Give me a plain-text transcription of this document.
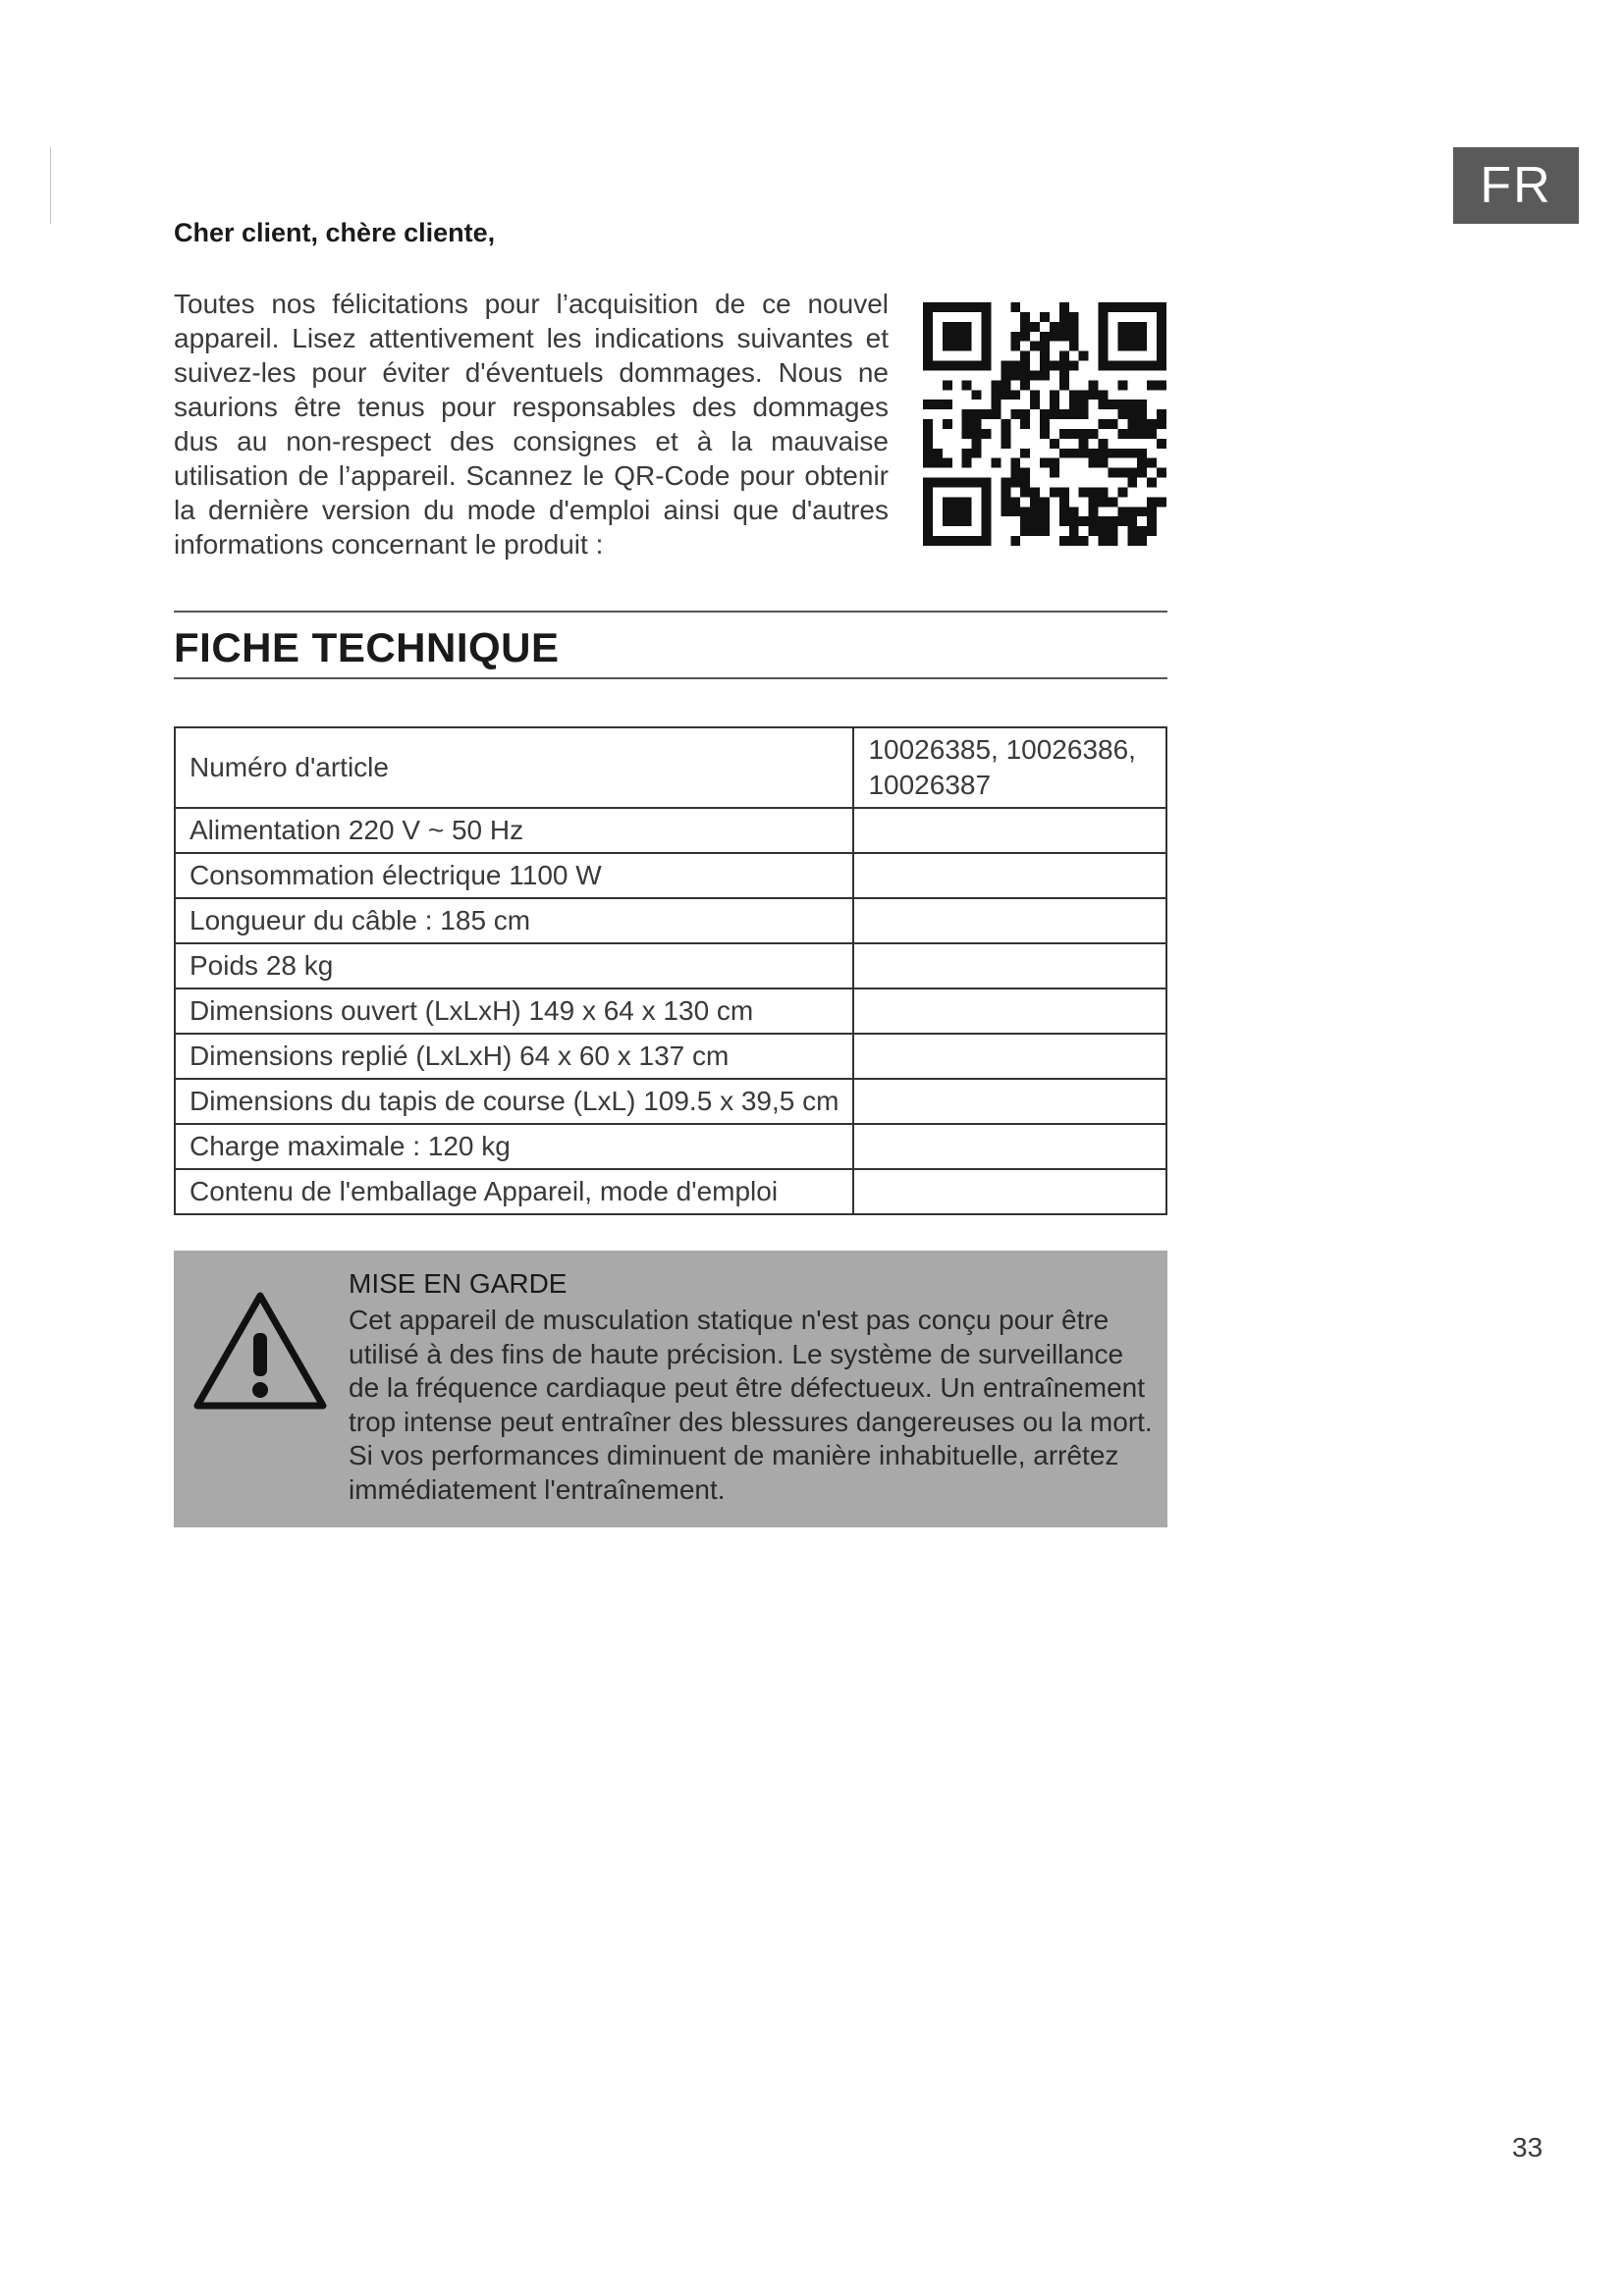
FR
Cher client, chère cliente,
Toutes nos félicitations pour l’acquisition de ce nouvel appareil. Lisez attentivement les indications suivantes et suivez-les pour éviter d'éventuels dommages. Nous ne saurions être tenus pour responsables des dommages dus au non-respect des consignes et à la mauvaise utilisation de l’appareil. Scannez le QR-Code pour obtenir la dernière version du mode d'emploi ainsi que d'autres informations concernant le produit :
FICHE TECHNIQUE
Numéro d'article	10026385, 10026386, 10026387
Alimentation 220 V ~ 50 Hz	
Consommation électrique 1100 W	
Longueur du câble : 185 cm	
Poids 28 kg	
Dimensions ouvert (LxLxH) 149 x 64 x 130 cm	
Dimensions replié (LxLxH) 64 x 60 x 137 cm	
Dimensions du tapis de course (LxL) 109.5 x 39,5 cm	
Charge maximale : 120 kg	
Contenu de l'emballage Appareil, mode d'emploi	
MISE EN GARDE
Cet appareil de musculation statique n'est pas conçu pour être utilisé à des fins de haute précision. Le système de surveillance de la fréquence cardiaque peut être défectueux. Un entraînement trop intense peut entraîner des blessures dangereuses ou la mort. Si vos performances diminuent de manière inhabituelle, arrêtez immédiatement l'entraînement.
33
